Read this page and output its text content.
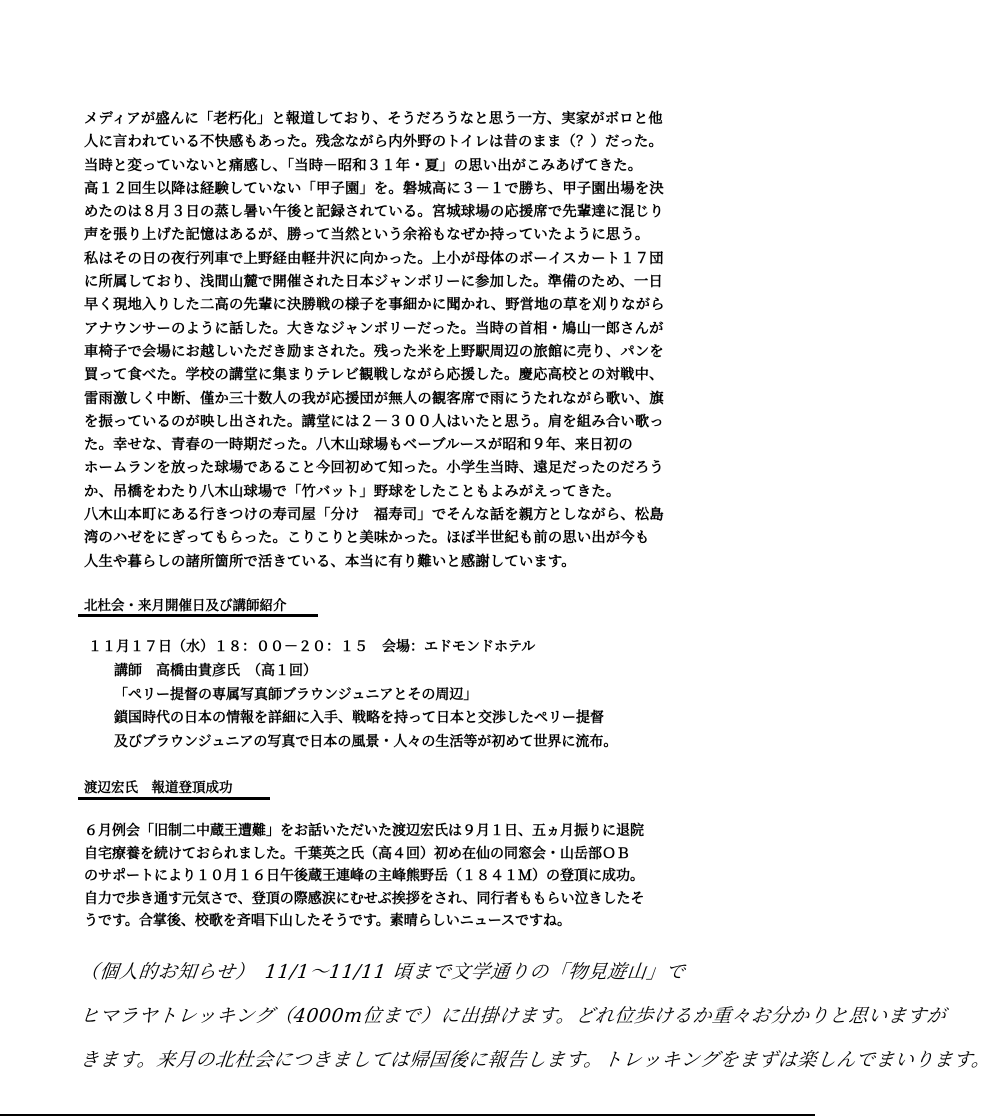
メディアが盛んに「老朽化」と報道しており、そうだろうなと思う一方、実家がボロと他
人に言われている不快感もあった。残念ながら内外野のトイレは昔のまま（？）だった。
当時と変っていないと痛感し、「当時－昭和３１年・夏」の思い出がこみあげてきた。
高１２回生以降は経験していない「甲子園」を。磐城高に３－１で勝ち、甲子園出場を決
めたのは８月３日の蒸し暑い午後と記録されている。宮城球場の応援席で先輩達に混じり
声を張り上げた記憶はあるが、勝って当然という余裕もなぜか持っていたように思う。
私はその日の夜行列車で上野経由軽井沢に向かった。上小が母体のボーイスカート１７団
に所属しており、浅間山麓で開催された日本ジャンボリーに参加した。準備のため、一日
早く現地入りした二高の先輩に決勝戦の様子を事細かに聞かれ、野営地の草を刈りながら
アナウンサーのように話した。大きなジャンボリーだった。当時の首相・鳩山一郎さんが
車椅子で会場にお越しいただき励まされた。残った米を上野駅周辺の旅館に売り、パンを
買って食べた。学校の講堂に集まりテレビ観戦しながら応援した。慶応高校との対戦中、
雷雨激しく中断、僅か三十数人の我が応援団が無人の観客席で雨にうたれながら歌い、旗
を振っているのが映し出された。講堂には２－３００人はいたと思う。肩を組み合い歌っ
た。幸せな、青春の一時期だった。八木山球場もベーブルースが昭和９年、来日初の
ホームランを放った球場であること今回初めて知った。小学生当時、遠足だったのだろう
か、吊橋をわたり八木山球場で「竹バット」野球をしたこともよみがえってきた。
八木山本町にある行きつけの寿司屋「分け　福寿司」でそんな話を親方としながら、松島
湾のハゼをにぎってもらった。こりこりと美味かった。ほぼ半世紀も前の思い出が今も
人生や暮らしの諸所箇所で活きている、本当に有り難いと感謝しています。
北杜会・来月開催日及び講師紹介
１１月１７日（水）１８：００－２０：１５　会場：エドモンドホテル
講師　高橋由貴彦氏　（高１回）
「ペリー提督の専属写真師ブラウンジュニアとその周辺」
鎖国時代の日本の情報を詳細に入手、戦略を持って日本と交渉したペリー提督
及びブラウンジュニアの写真で日本の風景・人々の生活等が初めて世界に流布。
渡辺宏氏　報道登頂成功
６月例会「旧制二中蔵王遭難」をお話いただいた渡辺宏氏は９月１日、五ヵ月振りに退院
自宅療養を続けておられました。千葉英之氏（高４回）初め在仙の同窓会・山岳部ＯＢ
のサポートにより１０月１６日午後蔵王連峰の主峰熊野岳（１８４１Ｍ）の登頂に成功。
自力で歩き通す元気さで、登頂の際感涙にむせぶ挨拶をされ、同行者ももらい泣きしたそ
うです。合掌後、校歌を斉唱下山したそうです。素晴らしいニュースですね。
（個人的お知らせ）　11/1～11/11 頃まで文学通りの「物見遊山」で
ヒマラヤトレッキング（4000m位まで）に出掛けます。どれ位歩けるか重々お分かりと思いますが
きます。来月の北杜会につきましては帰国後に報告します。トレッキングをまずは楽しんでまいります。
